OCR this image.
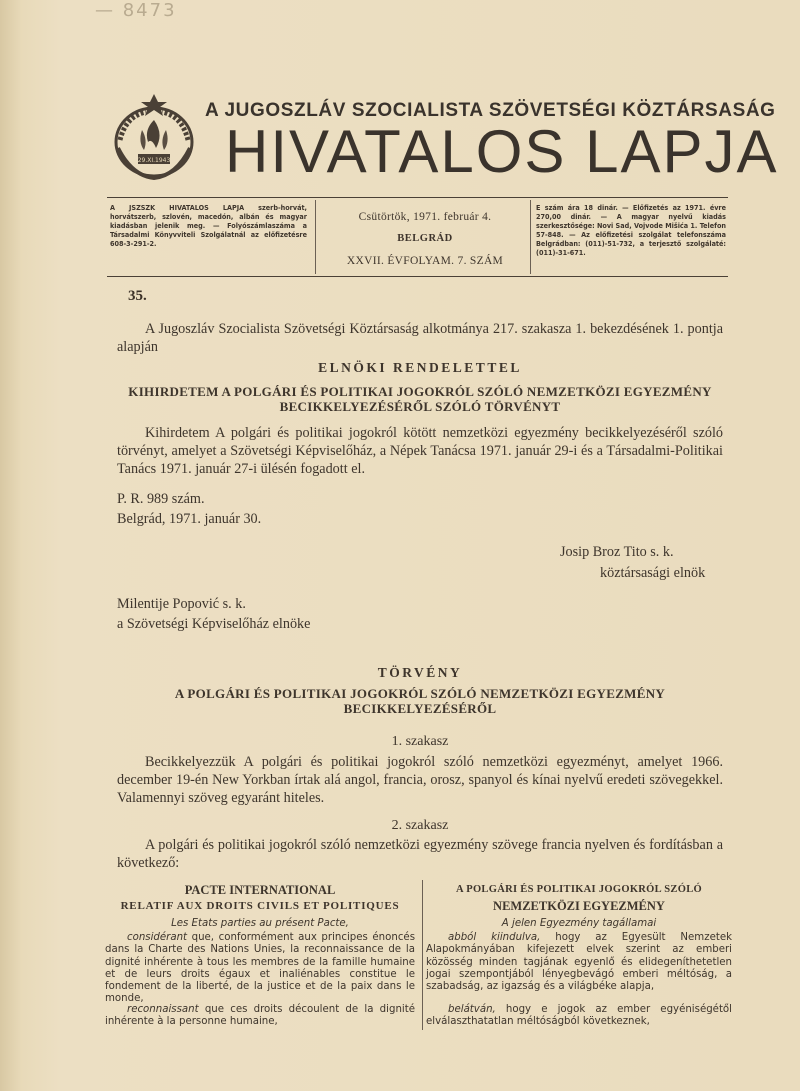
— 8473
29.XI.1943
A JUGOSZLÁV SZOCIALISTA SZÖVETSÉGI KÖZTÁRSASÁG
HIVATALOS LAPJA
A JSZSZK HIVATALOS LAPJA szerb-horvát, horvátszerb, szlovén, macedón, albán és magyar kiadásban jelenik meg. — Folyószámlaszáma a Társadalmi Könyvviteli Szolgálatnál az előfizetésre 608-3-291-2.
Csütörtök, 1971. február 4.
BELGRÁD
XXVII. ÉVFOLYAM. 7. SZÁM
E szám ára 18 dinár. — Előfizetés az 1971. évre 270,00 dinár. — A magyar nyelvű kiadás szerkesztősége: Novi Sad, Vojvode Mišića 1. Telefon 57-848. — Az előfizetési szolgálat telefonszáma Belgrádban: (011)-51-732, a terjesztő szolgálaté: (011)-31-671.
35.
A Jugoszláv Szocialista Szövetségi Köztársaság alkotmánya 217. szakasza 1. bekezdésének 1. pontja alapján
ELNÖKI RENDELETTEL
KIHIRDETEM A POLGÁRI ÉS POLITIKAI JOGOKRÓL SZÓLÓ NEMZETKÖZI EGYEZMÉNY BECIKKELYEZÉSÉRŐL SZÓLÓ TÖRVÉNYT
Kihirdetem A polgári és politikai jogokról kötött nemzetközi egyezmény becikkelyezéséről szóló törvényt, amelyet a Szövetségi Képviselőház, a Népek Tanácsa 1971. január 29-i és a Társadalmi-Politikai Tanács 1971. január 27-i ülésén fogadott el.
P. R. 989 szám.
Belgrád, 1971. január 30.
Josip Broz Tito s. k.
köztársasági elnök
Milentije Popović s. k.
a Szövetségi Képviselőház elnöke
TÖRVÉNY
A POLGÁRI ÉS POLITIKAI JOGOKRÓL SZÓLÓ NEMZETKÖZI EGYEZMÉNY BECIKKELYEZÉSÉRŐL
1. szakasz
Becikkelyezzük A polgári és politikai jogokról szóló nemzetközi egyezményt, amelyet 1966. december 19-én New Yorkban írtak alá angol, francia, orosz, spanyol és kínai nyelvű eredeti szövegekkel. Valamennyi szöveg egyaránt hiteles.
2. szakasz
A polgári és politikai jogokról szóló nemzetközi egyezmény szövege francia nyelven és fordításban a következő:
PACTE INTERNATIONAL
RELATIF AUX DROITS CIVILS ET POLITIQUES
Les Etats parties au présent Pacte,
considérant que, conformément aux principes énoncés dans la Charte des Nations Unies, la reconnaissance de la dignité inhérente à tous les membres de la famille humaine et de leurs droits égaux et inaliénables constitue le fondement de la liberté, de la justice et de la paix dans le monde,
reconnaissant que ces droits découlent de la dignité inhérente à la personne humaine,
A POLGÁRI ÉS POLITIKAI JOGOKRÓL SZÓLÓ
NEMZETKÖZI EGYEZMÉNY
A jelen Egyezmény tagállamai
abból kiindulva, hogy az Egyesült Nemzetek Alapokmányában kifejezett elvek szerint az emberi közösség minden tagjának egyenlő és elidegeníthetetlen jogai szempontjából lényegbevágó emberi méltóság, a szabadság, az igazság és a világbéke alapja,
belátván, hogy e jogok az ember egyéniségétől elválaszthatatlan méltóságból következnek,
